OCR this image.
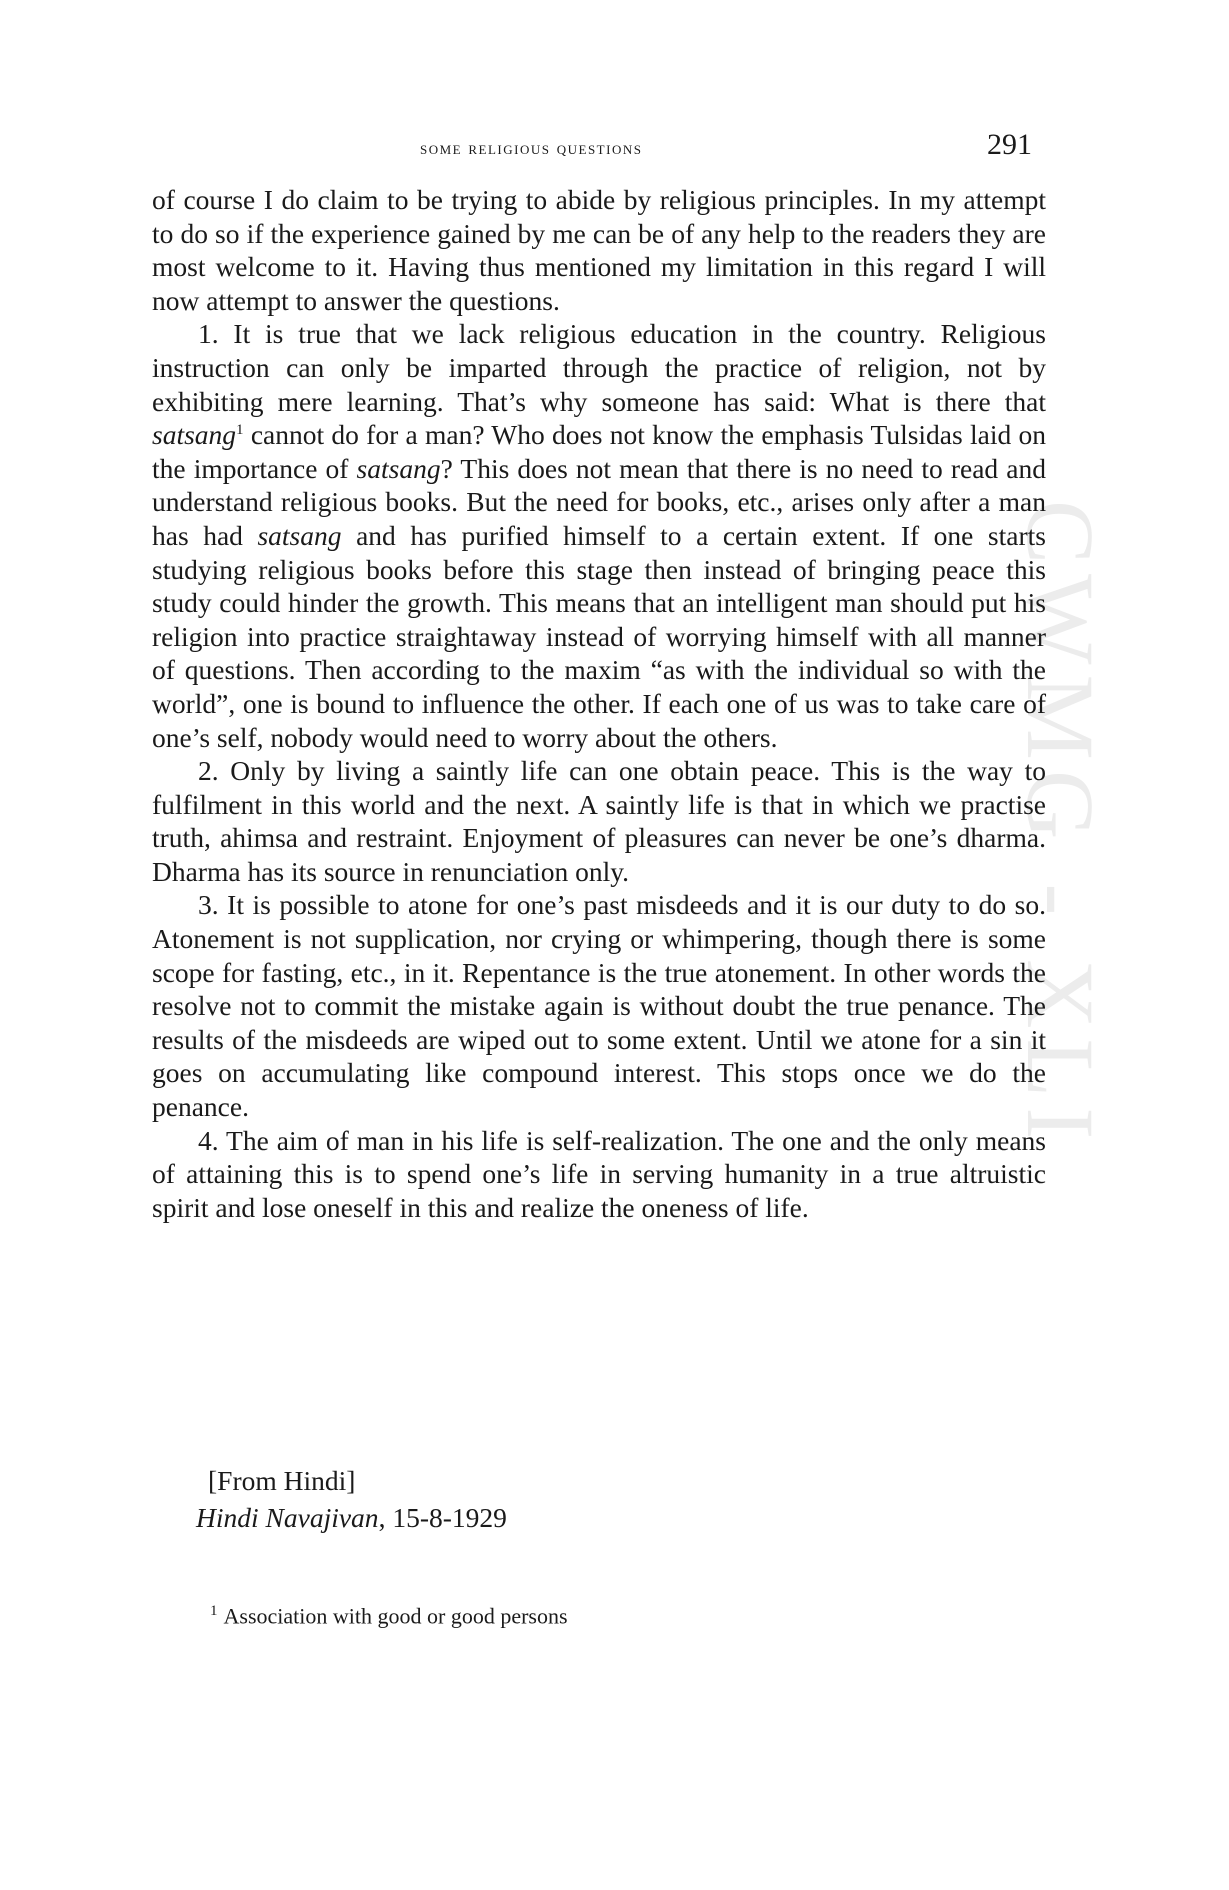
CWMG - XLI
some religious questions	291

of course I do claim to be trying to abide by religious principles. In my attempt to do so if the experience gained by me can be of any help to the readers they are most welcome to it. Having thus mentioned my limitation in this regard I will now attempt to answer the questions.

1. It is true that we lack religious education in the country. Religious instruction can only be imparted through the practice of religion, not by exhibiting mere learning. That’s why someone has said: What is there that satsang$^1$ cannot do for a man? Who does not know the emphasis Tulsidas laid on the importance of satsang? This does not mean that there is no need to read and understand religious books. But the need for books, etc., arises only after a man has had satsang and has purified himself to a certain extent. If one starts studying religious books before this stage then instead of bringing peace this study could hinder the growth. This means that an intelligent man should put his religion into practice straightaway instead of worrying himself with all manner of questions. Then according to the maxim “as with the individual so with the world”, one is bound to influence the other. If each one of us was to take care of one’s self, nobody would need to worry about the others.

2. Only by living a saintly life can one obtain peace. This is the way to fulfilment in this world and the next. A saintly life is that in which we practise truth, ahimsa and restraint. Enjoyment of pleasures can never be one’s dharma. Dharma has its source in renunciation only.

3. It is possible to atone for one’s past misdeeds and it is our duty to do so. Atonement is not supplication, nor crying or whimpering, though there is some scope for fasting, etc., in it. Repentance is the true atonement. In other words the resolve not to commit the mistake again is without doubt the true penance. The results of the misdeeds are wiped out to some extent. Until we atone for a sin it goes on accumulating like compound interest. This stops once we do the penance.

4. The aim of man in his life is self-realization. The one and the only means of attaining this is to spend one’s life in serving humanity in a true altruistic spirit and lose oneself in this and realize the oneness of life.

[From Hindi]
Hindi Navajivan, 15-8-1929
$^1$ Association with good or good persons
